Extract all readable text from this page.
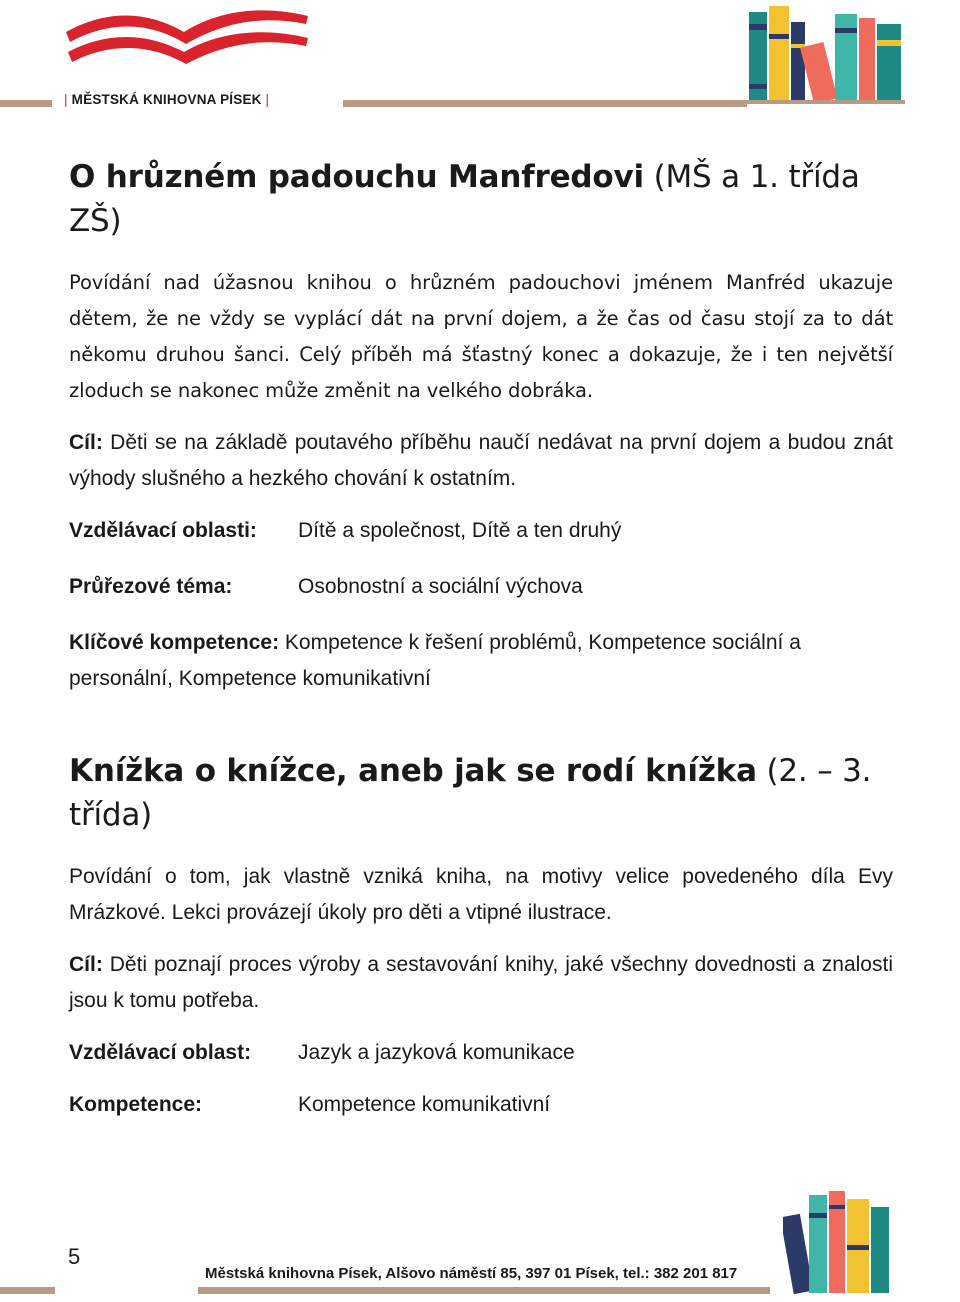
| MĚSTSKÁ KNIHOVNA PÍSEK |
O hrůzném padouchu Manfredovi (MŠ a 1. třída ZŠ)

Povídání nad úžasnou knihou o hrůzném padouchovi jménem Manfréd ukazuje dětem, že ne vždy se vyplácí dát na první dojem, a že čas od času stojí za to dát někomu druhou šanci. Celý příběh má šťastný konec a dokazuje, že i ten největší zloduch se nakonec může změnit na velkého dobráka.

Cíl: Děti se na základě poutavého příběhu naučí nedávat na první dojem a budou znát výhody slušného a hezkého chování k ostatním.

Vzdělávací oblasti:	Dítě a společnost, Dítě a ten druhý
Průřezové téma:	Osobnostní a sociální výchova

Klíčové kompetence: Kompetence k řešení problémů, Kompetence sociální a personální, Kompetence komunikativní

Knížka o knížce, aneb jak se rodí knížka (2. – 3. třída)

Povídání o tom, jak vlastně vzniká kniha, na motivy velice povedeného díla Evy Mrázkové. Lekci provázejí úkoly pro děti a vtipné ilustrace.

Cíl: Děti poznají proces výroby a sestavování knihy, jaké všechny dovednosti a znalosti jsou k tomu potřeba.

Vzdělávací oblast:	Jazyk a jazyková komunikace
Kompetence:	Kompetence komunikativní
5
Městská knihovna Písek, Alšovo náměstí 85, 397 01 Písek, tel.: 382 201 817
